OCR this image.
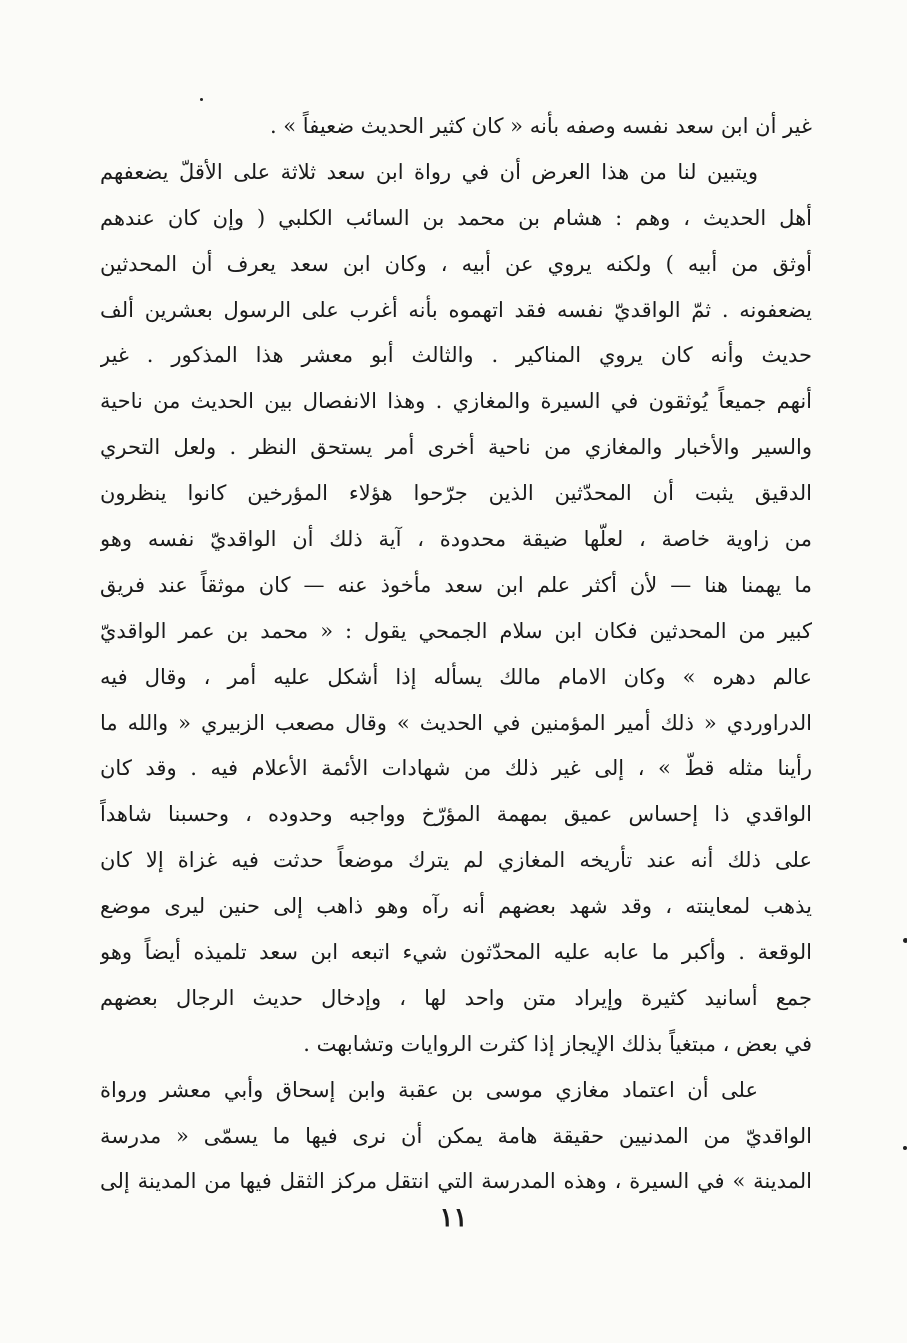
غير أن ابن سعد نفسه وصفه بأنه « كان كثير الحديث ضعيفاً » .
ويتبين لنا من هذا العرض أن في رواة ابن سعد ثلاثة على الأقلّ يضعفهم
أهل الحديث ، وهم : هشام بن محمد بن السائب الكلبي ( وإن كان عندهم
أوثق من أبيه ) ولكنه يروي عن أبيه ، وكان ابن سعد يعرف أن المحدثين
يضعفونه . ثمّ الواقديّ نفسه فقد اتهموه بأنه أغرب على الرسول بعشرين ألف
حديث وأنه كان يروي المناكير . والثالث أبو معشر هذا المذكور . غير
أنهم جميعاً يُوثقون في السيرة والمغازي . وهذا الانفصال بين الحديث من ناحية
والسير والأخبار والمغازي من ناحية أخرى أمر يستحق النظر . ولعل التحري
الدقيق يثبت أن المحدّثين الذين جرّحوا هؤلاء المؤرخين كانوا ينظرون
من زاوية خاصة ، لعلّها ضيقة محدودة ، آية ذلك أن الواقديّ نفسه وهو
ما يهمنا هنا — لأن أكثر علم ابن سعد مأخوذ عنه — كان موثقاً عند فريق
كبير من المحدثين فكان ابن سلام الجمحي يقول : « محمد بن عمر الواقديّ
عالم دهره » وكان الامام مالك يسأله إذا أشكل عليه أمر ، وقال فيه
الدراوردي « ذلك أمير المؤمنين في الحديث » وقال مصعب الزبيري « والله ما
رأينا مثله قطّ » ، إلى غير ذلك من شهادات الأئمة الأعلام فيه . وقد كان
الواقدي ذا إحساس عميق بمهمة المؤرّخ وواجبه وحدوده ، وحسبنا شاهداً
على ذلك أنه عند تأريخه المغازي لم يترك موضعاً حدثت فيه غزاة إلا كان
يذهب لمعاينته ، وقد شهد بعضهم أنه رآه وهو ذاهب إلى حنين ليرى موضع
الوقعة . وأكبر ما عابه عليه المحدّثون شيء اتبعه ابن سعد تلميذه أيضاً وهو
جمع أسانيد كثيرة وإيراد متن واحد لها ، وإدخال حديث الرجال بعضهم
في بعض ، مبتغياً بذلك الإيجاز إذا كثرت الروايات وتشابهت .
على أن اعتماد مغازي موسى بن عقبة وابن إسحاق وأبي معشر ورواة
الواقديّ من المدنيين حقيقة هامة يمكن أن نرى فيها ما يسمّى « مدرسة
المدينة » في السيرة ، وهذه المدرسة التي انتقل مركز الثقل فيها من المدينة إلى
١١
